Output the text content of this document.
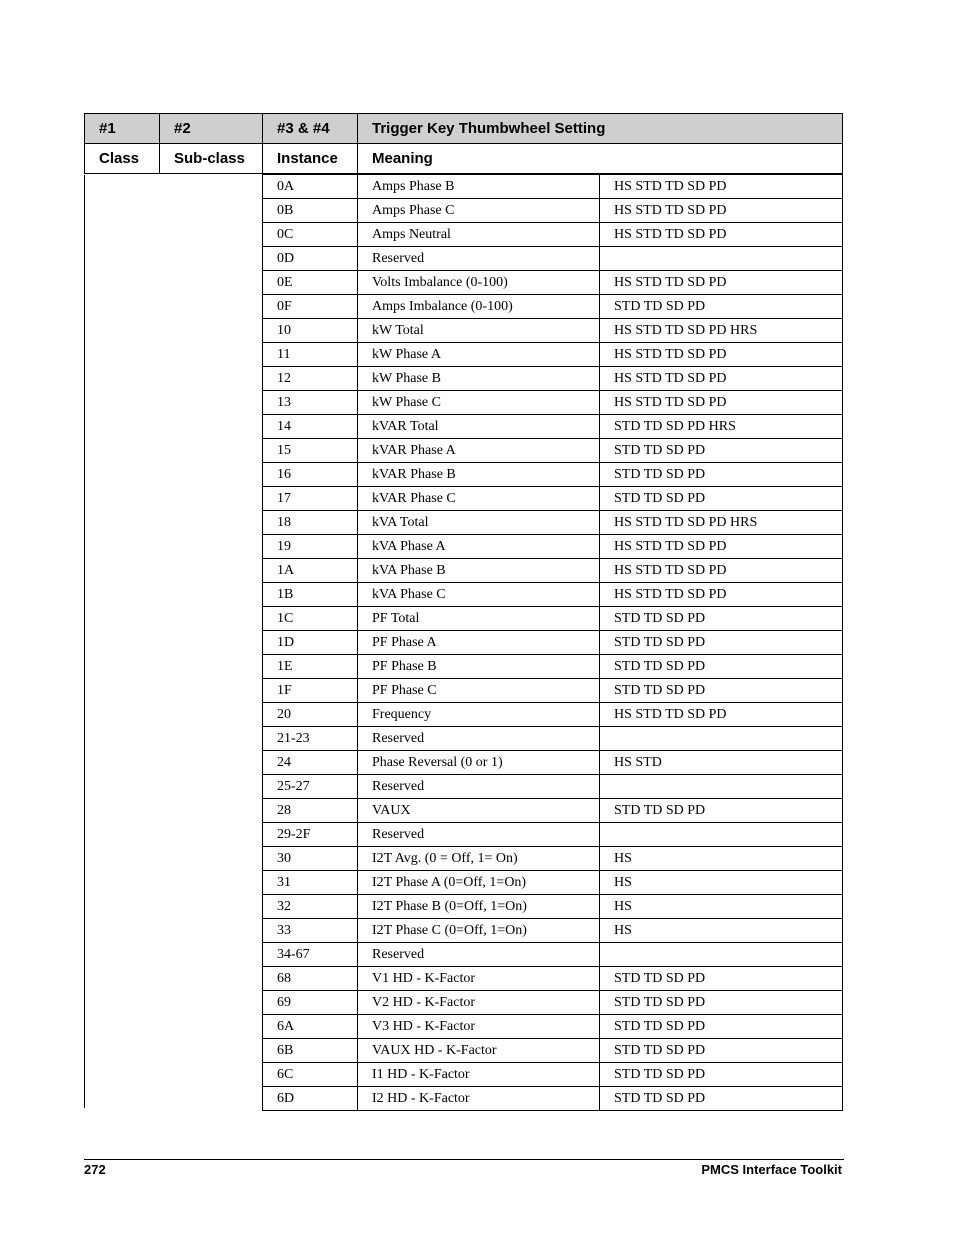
#1	#2	#3 & #4	Trigger Key Thumbwheel Setting
Class	Sub-class	Instance	Meaning
0A	Amps Phase B	HS STD TD SD PD
0B	Amps Phase C	HS STD TD SD PD
0C	Amps Neutral	HS STD TD SD PD
0D	Reserved	
0E	Volts Imbalance (0-100)	HS STD TD SD PD
0F	Amps Imbalance (0-100)	STD TD SD PD
10	kW Total	HS STD TD SD PD HRS
11	kW Phase A	HS STD TD SD PD
12	kW Phase B	HS STD TD SD PD
13	kW Phase C	HS STD TD SD PD
14	kVAR Total	STD TD SD PD HRS
15	kVAR Phase A	STD TD SD PD
16	kVAR Phase B	STD TD SD PD
17	kVAR Phase C	STD TD SD PD
18	kVA Total	HS STD TD SD PD HRS
19	kVA Phase A	HS STD TD SD PD
1A	kVA Phase B	HS STD TD SD PD
1B	kVA Phase C	HS STD TD SD PD
1C	PF Total	STD TD SD PD
1D	PF Phase A	STD TD SD PD
1E	PF Phase B	STD TD SD PD
1F	PF Phase C	STD TD SD PD
20	Frequency	HS STD TD SD PD
21-23	Reserved	
24	Phase Reversal (0 or 1)	HS STD
25-27	Reserved	
28	VAUX	STD TD SD PD
29-2F	Reserved	
30	I2T Avg. (0 = Off, 1= On)	HS
31	I2T Phase A (0=Off, 1=On)	HS
32	I2T Phase B (0=Off, 1=On)	HS
33	I2T Phase C (0=Off, 1=On)	HS
34-67	Reserved	
68	V1 HD - K-Factor	STD TD SD PD
69	V2 HD - K-Factor	STD TD SD PD
6A	V3 HD - K-Factor	STD TD SD PD
6B	VAUX HD - K-Factor	STD TD SD PD
6C	I1 HD - K-Factor	STD TD SD PD
6D	I2 HD - K-Factor	STD TD SD PD
272	PMCS Interface Toolkit
